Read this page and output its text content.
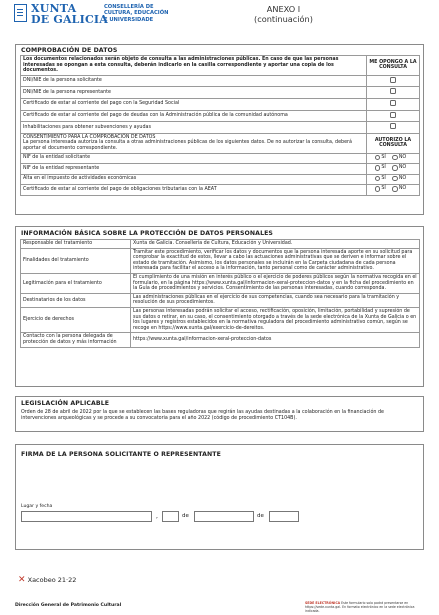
XUNTA
DE GALICIA
CONSELLERÍA DE
CULTURA, EDUCACIÓN
E UNIVERSIDADE
ANEXO I
(continuación)
COMPROBACIÓN DE DATOS
Los documentos relacionados serán objeto de consulta a las administraciones públicas. En caso de que las personas interesadas se opongan a esta consulta, deberán indicarlo en la casilla correspondiente y aportar una copia de los documentos.	ME OPONGO A LA CONSULTA
DNI/NIE de la persona solicitante	
DNI/NIE de la persona representante	
Certificado de estar al corriente del pago con la Seguridad Social	
Certificado de estar al corriente del pago de deudas con la Administración pública de la comunidad autónoma	
Inhabilitaciones para obtener subvenciones y ayudas	

CONSENTIMIENTO PARA LA COMPROBACIÓN DE DATOS
La persona interesada autoriza la consulta a otras administraciones públicas de los siguientes datos. De no autorizar la consulta, deberá aportar el documento correspondiente.	AUTORIZO LA CONSULTA
NIF de la entidad solicitante	SÍ NO
NIF de la entidad representante	SÍ NO
Alta en el impuesto de actividades económicas	SÍ NO
Certificado de estar al corriente del pago de obligaciones tributarias con la AEAT	SÍ NO
INFORMACIÓN BÁSICA SOBRE LA PROTECCIÓN DE DATOS PERSONALES
Responsable del tratamiento	Xunta de Galicia. Consellería de Cultura, Educación y Universidad.
Finalidades del tratamiento	Tramitar este procedimiento, verificar los datos y documentos que la persona interesada aporte en su solicitud para comprobar la exactitud de estos, llevar a cabo las actuaciones administrativas que se deriven e informar sobre el estado de tramitación. Asimismo, los datos personales se incluirán en la Carpeta ciudadana de cada persona interesada para facilitar el acceso a la información, tanto personal como de carácter administrativo.
Legitimación para el tratamiento	El cumplimiento de una misión en interés público o el ejercicio de poderes públicos según la normativa recogida en el formulario, en la página https://www.xunta.gal/informacion-xeral-proteccion-datos y en la ficha del procedimiento en la Guía de procedimientos y servicios. Consentimiento de las personas interesadas, cuando corresponda.
Destinatarios de los datos	Las administraciones públicas en el ejercicio de sus competencias, cuando sea necesario para la tramitación y resolución de sus procedimientos.
Ejercicio de derechos	Las personas interesadas podrán solicitar el acceso, rectificación, oposición, limitación, portabilidad y supresión de sus datos o retirar, en su caso, el consentimiento otorgado a través de la sede electrónica de la Xunta de Galicia o en los lugares y registros establecidos en la normativa reguladora del procedimiento administrativo común, según se recoge en https://www.xunta.gal/exercicio-de-dereitos.
Contacto con la persona delegada de protección de datos y más información	https://www.xunta.gal/informacion-xeral-proteccion-datos
LEGISLACIÓN APLICABLE
Orden de 28 de abril de 2022 por la que se establecen las bases reguladoras que regirán las ayudas destinadas a la colaboración en la financiación de intervenciones arqueológicas y se procede a su convocatoria para el año 2022 (código de procedimiento CT104B).
FIRMA DE LA PERSONA SOLICITANTE O REPRESENTANTE
Lugar y fecha
,	de	de
✕ Xacobeo 21·22
Dirección General de Patrimonio Cultural	SEDE ELECTRÓNICA Este formulario solo podrá presentarse en https://sede.xunta.gal. En formato electrónico en la sede electrónica indicada.
